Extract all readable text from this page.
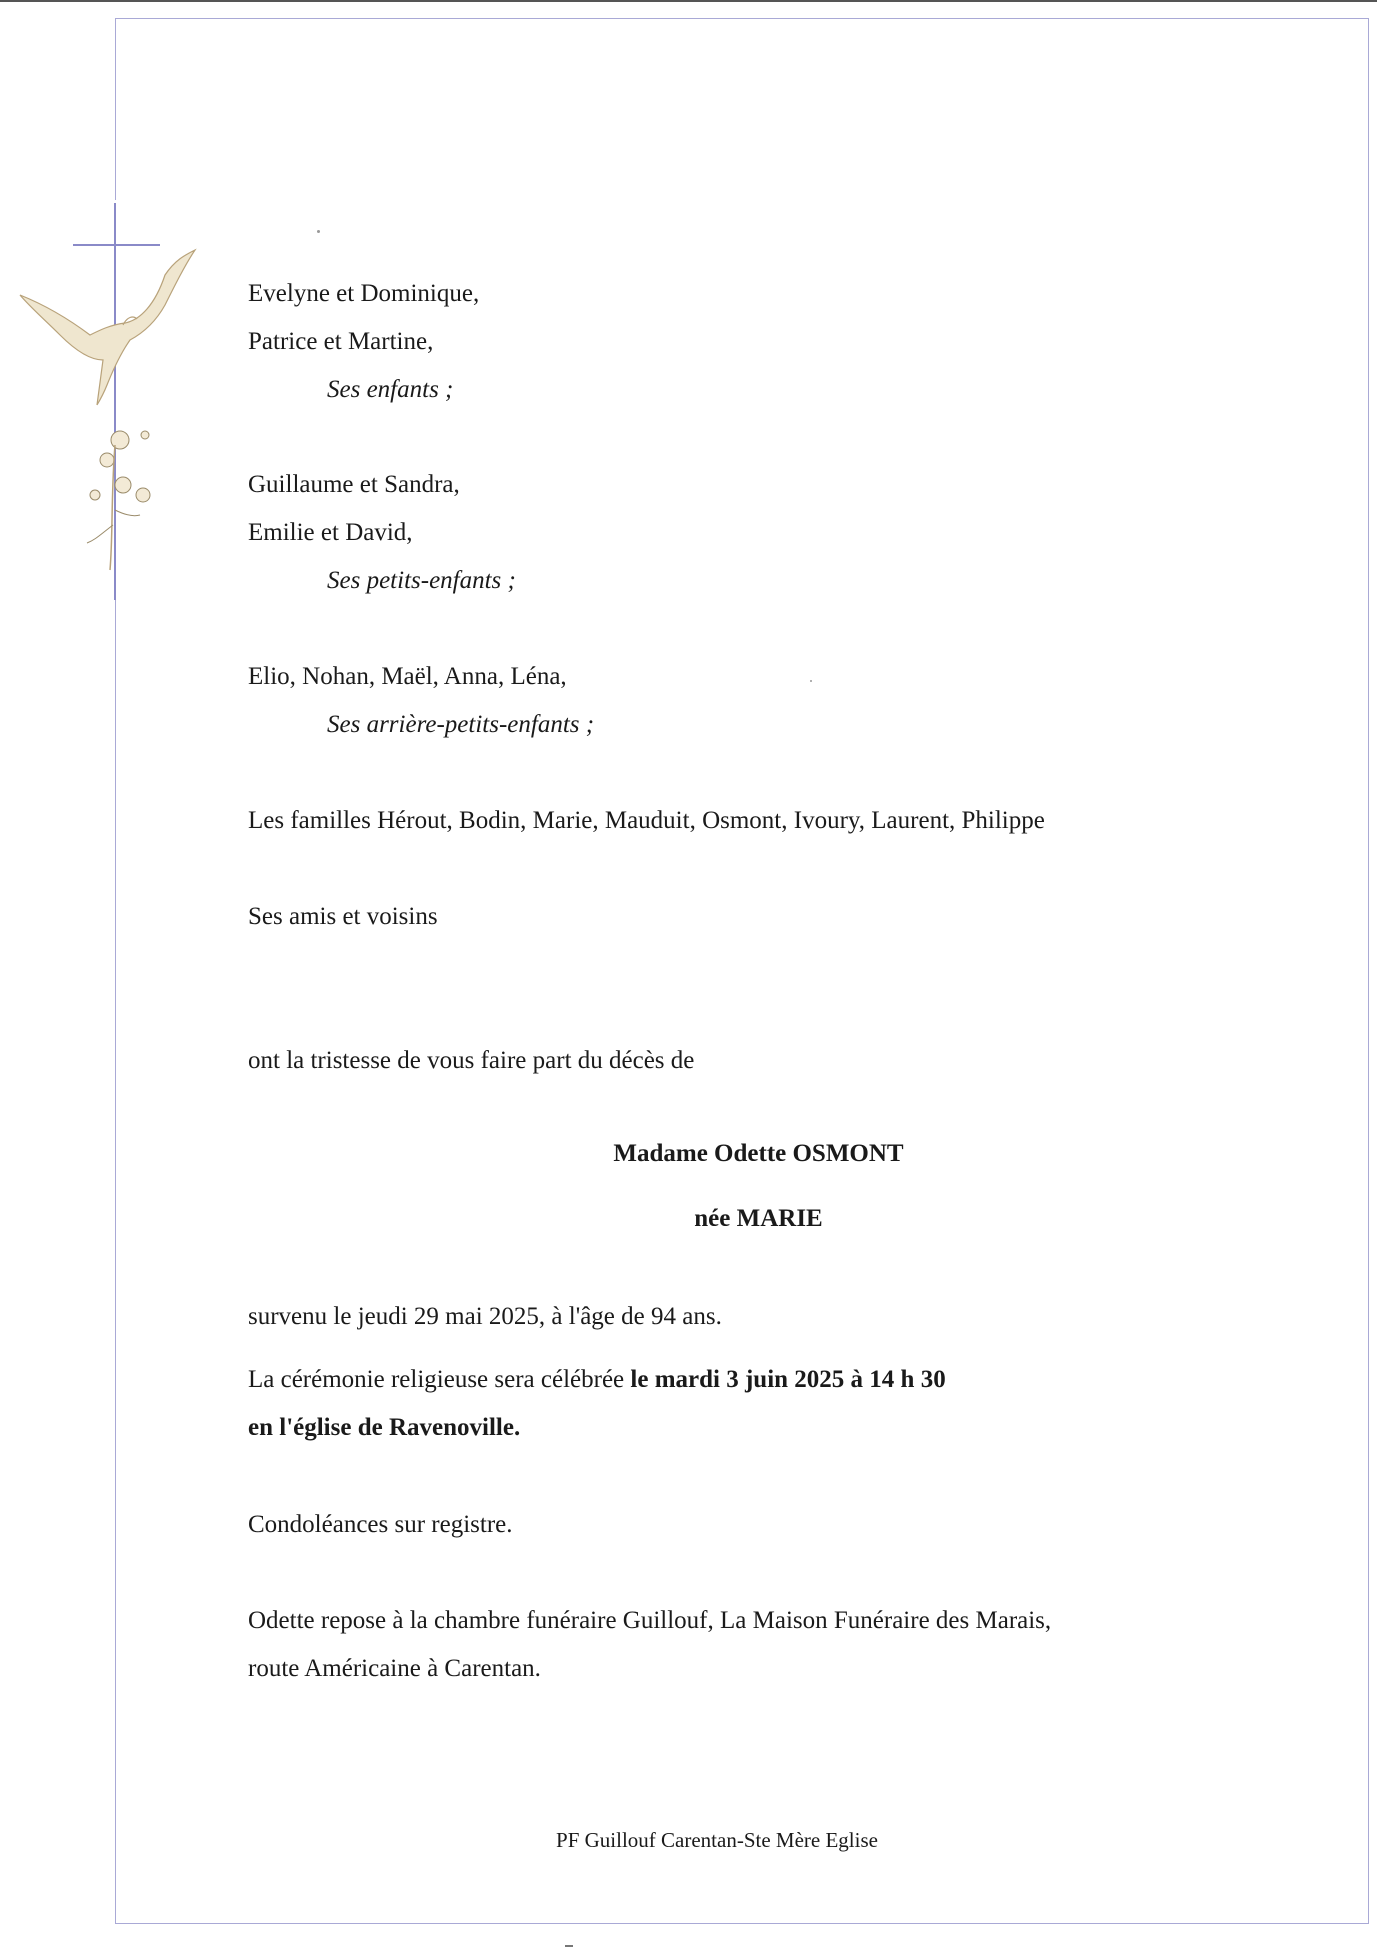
Evelyne et Dominique,
Patrice et Martine,
Ses enfants ;
Guillaume et Sandra,
Emilie et David,
Ses petits-enfants ;
Elio, Nohan, Maël, Anna, Léna,
Ses arrière-petits-enfants ;
Les familles Hérout, Bodin, Marie, Mauduit, Osmont, Ivoury, Laurent, Philippe
Ses amis et voisins
ont la tristesse de vous faire part du décès de
Madame Odette OSMONT
née MARIE
survenu le jeudi 29 mai 2025, à l'âge de 94 ans.
La cérémonie religieuse sera célébrée le mardi 3 juin 2025 à 14 h 30
en l'église de Ravenoville.
Condoléances sur registre.
Odette repose à la chambre funéraire Guillouf, La Maison Funéraire des Marais,
route Américaine à Carentan.
PF Guillouf Carentan-Ste Mère Eglise
